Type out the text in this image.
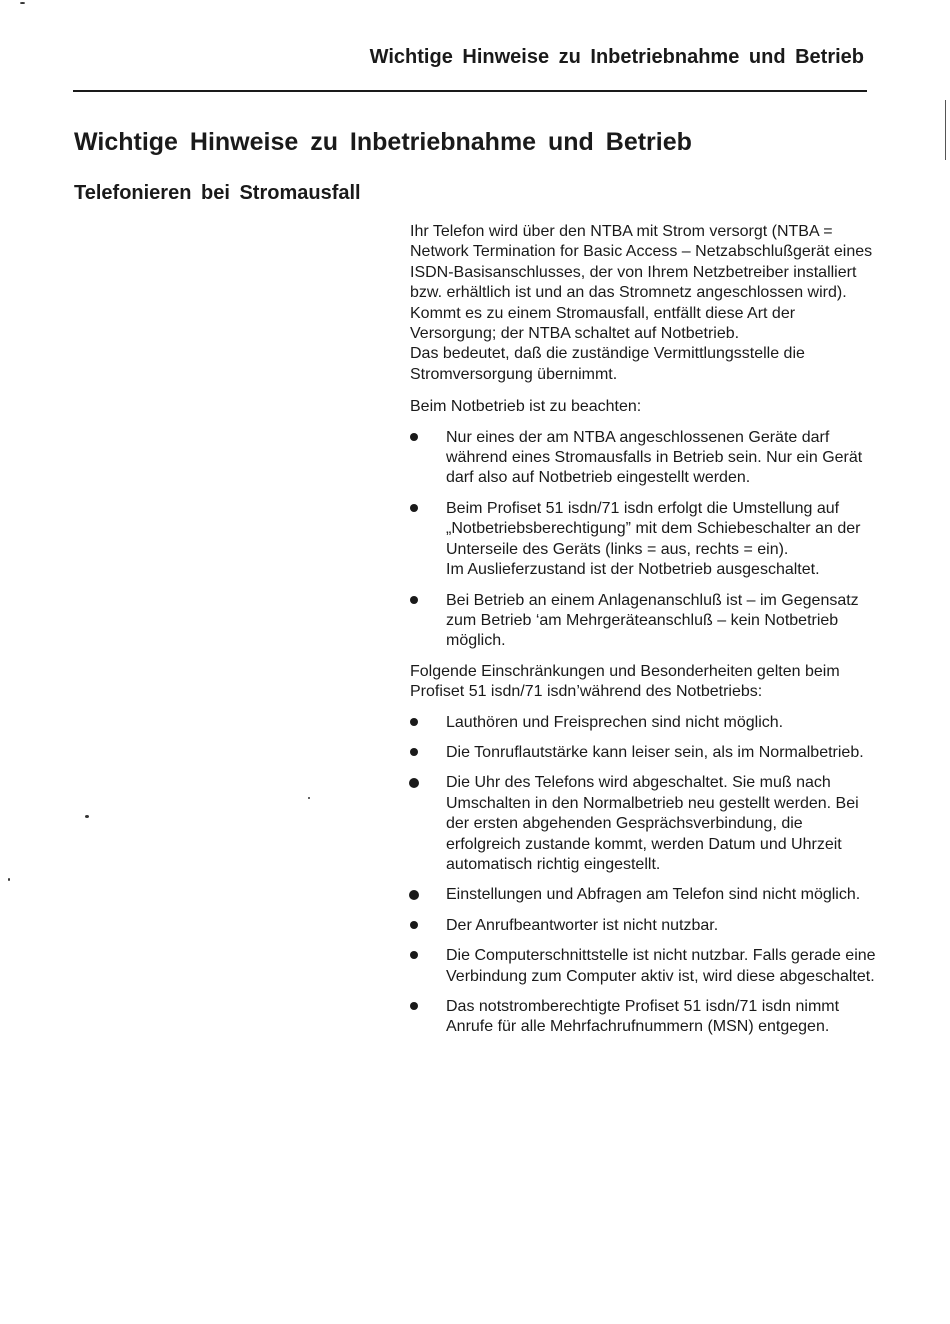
Wichtige Hinweise zu Inbetriebnahme und Betrieb
Wichtige Hinweise zu Inbetriebnahme und Betrieb
Telefonieren bei Stromausfall

Ihr Telefon wird über den NTBA mit Strom versorgt (NTBA = Network Termination for Basic Access – Netzabschlußgerät eines ISDN-Basisanschlusses, der von Ihrem Netzbetreiber installiert bzw. erhältlich ist und an das Stromnetz angeschlossen wird). Kommt es zu einem Stromausfall, entfällt diese Art der Versorgung; der NTBA schaltet auf Notbetrieb.

Das bedeutet, daß die zuständige Vermittlungsstelle die Stromversorgung übernimmt.

Beim Notbetrieb ist zu beachten:

Nur eines der am NTBA angeschlossenen Geräte darf während eines Stromausfalls in Betrieb sein. Nur ein Gerät darf also auf Notbetrieb eingestellt werden.

Beim Profiset 51 isdn/71 isdn erfolgt die Umstellung auf „Notbetriebsberechtigung” mit dem Schiebeschalter an der Unterseile des Geräts (links = aus, rechts = ein).

Im Auslieferzustand ist der Notbetrieb ausgeschaltet.

Bei Betrieb an einem Anlagenanschluß ist – im Gegensatz zum Betrieb ‘am Mehrgeräteanschluß – kein Notbetrieb möglich.

Folgende Einschränkungen und Besonderheiten gelten beim Profiset 51 isdn/71 isdn’während des Notbetriebs:

Lauthören und Freisprechen sind nicht möglich.

Die Tonruflautstärke kann leiser sein, als im Normalbetrieb.

Die Uhr des Telefons wird abgeschaltet. Sie muß nach Umschalten in den Normalbetrieb neu gestellt werden. Bei der ersten abgehenden Gesprächsverbindung, die erfolgreich zustande kommt, werden Datum und Uhrzeit automatisch richtig eingestellt.

Einstellungen und Abfragen am Telefon sind nicht möglich.

Der Anrufbeantworter ist nicht nutzbar.

Die Computerschnittstelle ist nicht nutzbar. Falls gerade eine Verbindung zum Computer aktiv ist, wird diese abgeschaltet.

Das notstromberechtigte Profiset 51 isdn/71 isdn nimmt Anrufe für alle Mehrfachrufnummern (MSN) entgegen.
